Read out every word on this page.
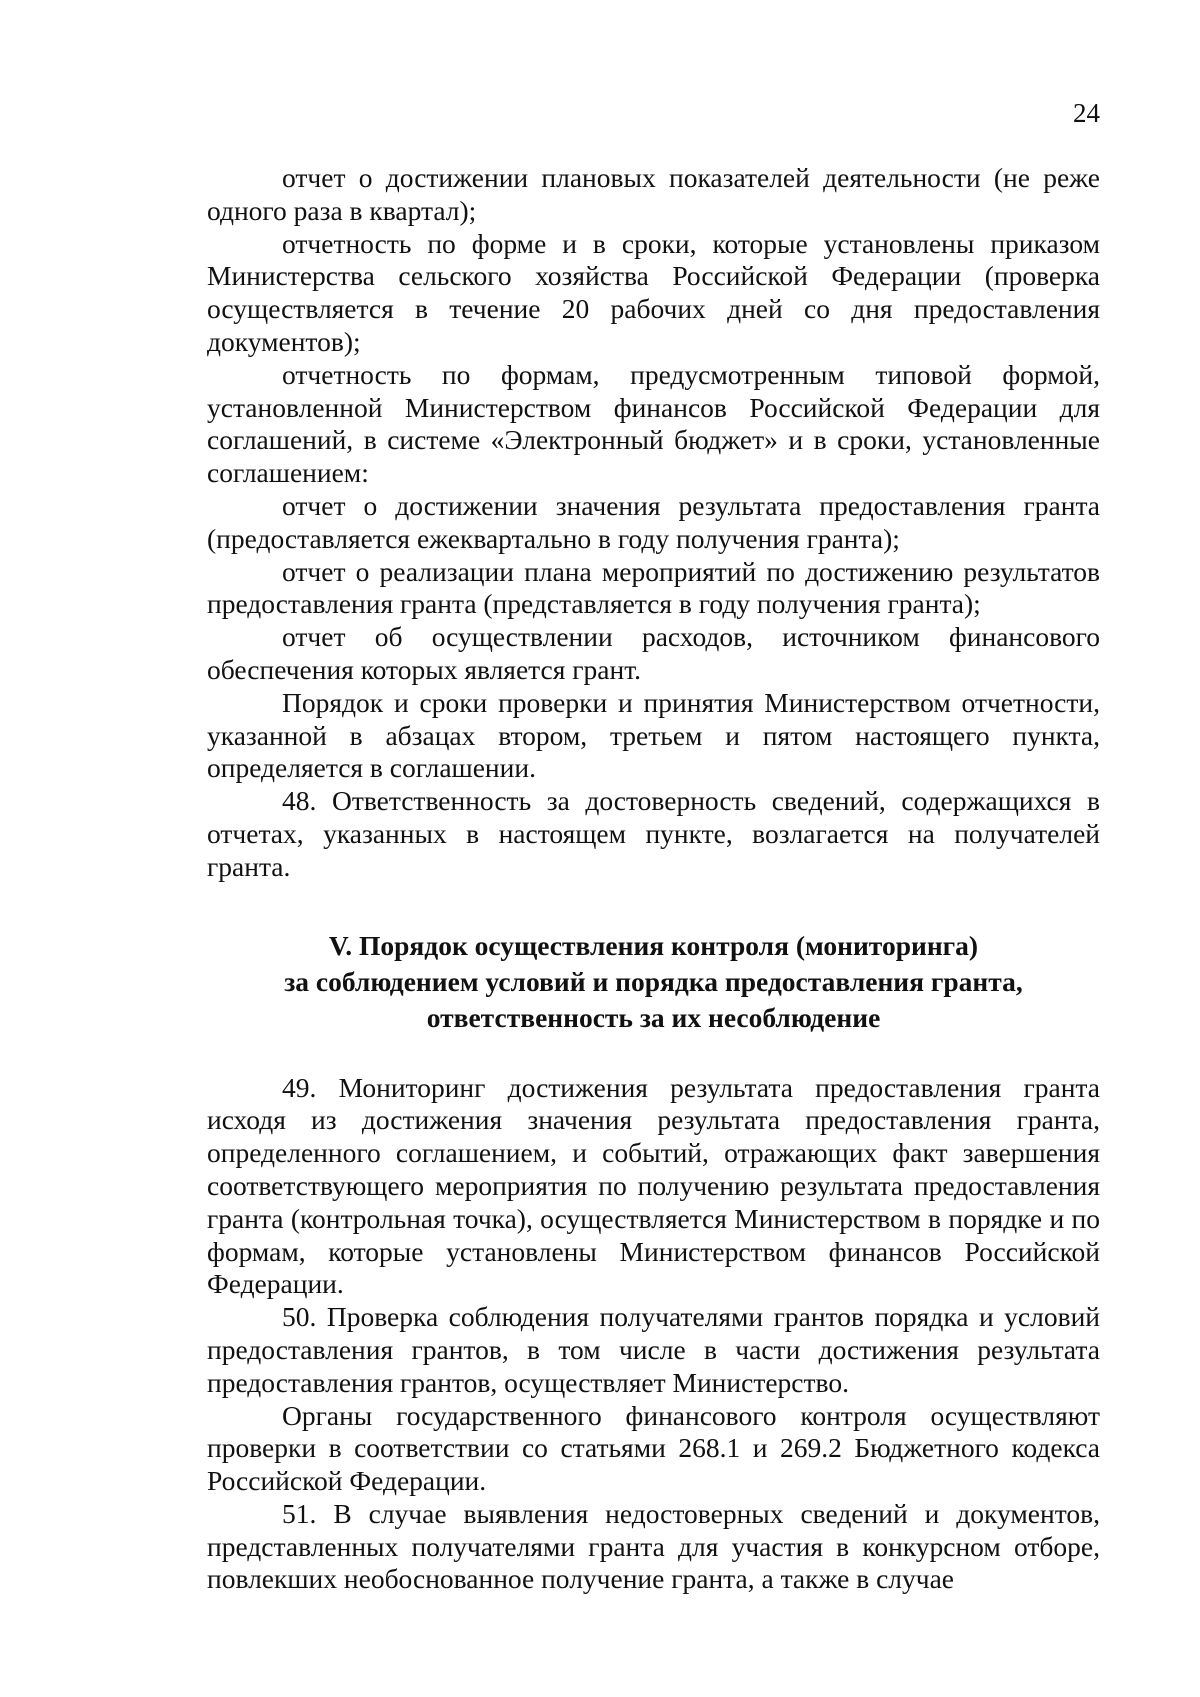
24

отчет о достижении плановых показателей деятельности (не реже одного раза в квартал);

отчетность по форме и в сроки, которые установлены приказом Министерства сельского хозяйства Российской Федерации (проверка осуществляется в течение 20 рабочих дней со дня предоставления документов);

отчетность по формам, предусмотренным типовой формой, установленной Министерством финансов Российской Федерации для соглашений, в системе «Электронный бюджет» и в сроки, установленные соглашением:

отчет о достижении значения результата предоставления гранта (предоставляется ежеквартально в году получения гранта);

отчет о реализации плана мероприятий по достижению результатов предоставления гранта (представляется в году получения гранта);

отчет об осуществлении расходов, источником финансового обеспечения которых является грант.

Порядок и сроки проверки и принятия Министерством отчетности, указанной в абзацах втором, третьем и пятом настоящего пункта, определяется в соглашении.

48. Ответственность за достоверность сведений, содержащихся в отчетах, указанных в настоящем пункте, возлагается на получателей гранта.

V. Порядок осуществления контроля (мониторинга)
за соблюдением условий и порядка предоставления гранта,
ответственность за их несоблюдение

49. Мониторинг достижения результата предоставления гранта исходя из достижения значения результата предоставления гранта, определенного соглашением, и событий, отражающих факт завершения соответствующего мероприятия по получению результата предоставления гранта (контрольная точка), осуществляется Министерством в порядке и по формам, которые установлены Министерством финансов Российской Федерации.

50. Проверка соблюдения получателями грантов порядка и условий предоставления грантов, в том числе в части достижения результата предоставления грантов, осуществляет Министерство.

Органы государственного финансового контроля осуществляют проверки в соответствии со статьями 268.1 и 269.2 Бюджетного кодекса Российской Федерации.

51. В случае выявления недостоверных сведений и документов, представленных получателями гранта для участия в конкурсном отборе, повлекших необоснованное получение гранта, а также в случае
